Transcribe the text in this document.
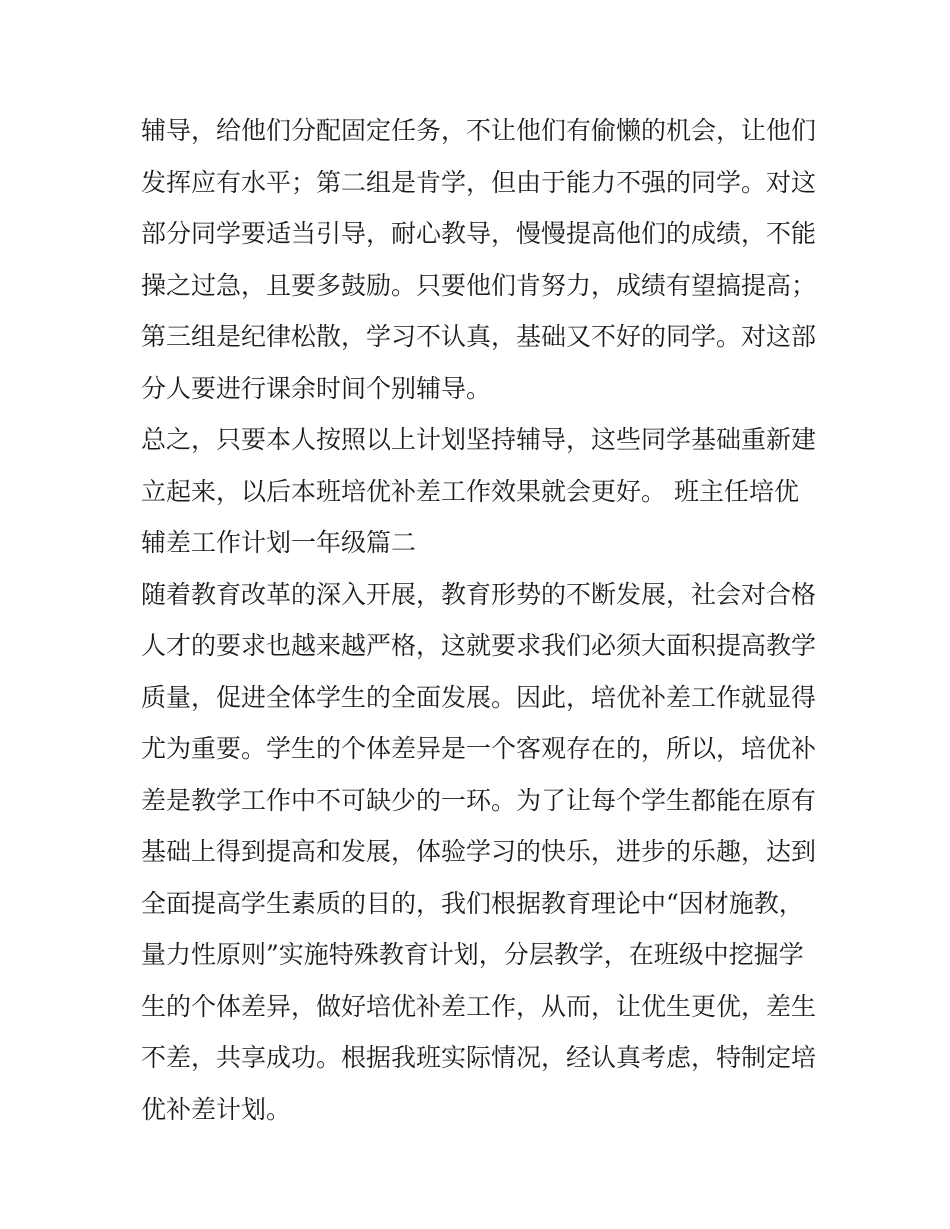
辅导，给他们分配固定任务，不让他们有偷懒的机会，让他们
发挥应有水平；第二组是肯学，但由于能力不强的同学。对这
部分同学要适当引导，耐心教导，慢慢提高他们的成绩，不能
操之过急，且要多鼓励。只要他们肯努力，成绩有望搞提高；
第三组是纪律松散，学习不认真，基础又不好的同学。对这部
分人要进行课余时间个别辅导。
总之，只要本人按照以上计划坚持辅导，这些同学基础重新建
立起来，以后本班培优补差工作效果就会更好。 班主任培优
辅差工作计划一年级篇二
随着教育改革的深入开展，教育形势的不断发展，社会对合格
人才的要求也越来越严格，这就要求我们必须大面积提高教学
质量，促进全体学生的全面发展。因此，培优补差工作就显得
尤为重要。学生的个体差异是一个客观存在的，所以，培优补
差是教学工作中不可缺少的一环。为了让每个学生都能在原有
基础上得到提高和发展，体验学习的快乐，进步的乐趣，达到
全面提高学生素质的目的，我们根据教育理论中“因材施教，
量力性原则”实施特殊教育计划，分层教学，在班级中挖掘学
生的个体差异，做好培优补差工作，从而，让优生更优，差生
不差，共享成功。根据我班实际情况，经认真考虑，特制定培
优补差计划。
